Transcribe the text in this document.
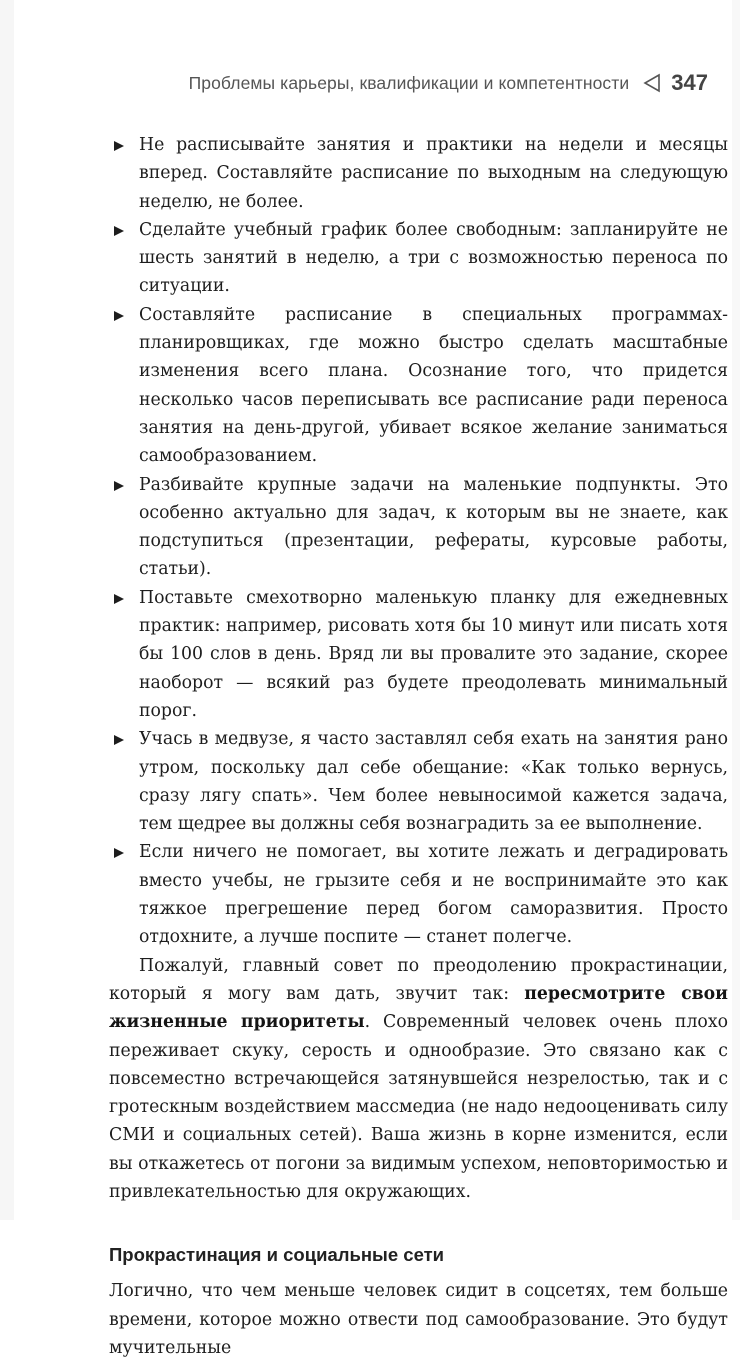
Проблемы карьеры, квалификации и компетентности 347
Не расписывайте занятия и практики на недели и месяцы вперед. Составляйте расписание по выходным на следующую неделю, не более.
Сделайте учебный график более свободным: запланируйте не шесть занятий в неделю, а три с возможностью переноса по ситуации.
Составляйте расписание в специальных программах-планировщиках, где можно быстро сделать масштабные изменения всего плана. Осознание того, что придется несколько часов переписывать все расписание ради переноса занятия на день-другой, убивает всякое желание заниматься самообразованием.
Разбивайте крупные задачи на маленькие подпункты. Это особенно актуально для задач, к которым вы не знаете, как подступиться (презентации, рефераты, курсовые работы, статьи).
Поставьте смехотворно маленькую планку для ежедневных практик: например, рисовать хотя бы 10 минут или писать хотя бы 100 слов в день. Вряд ли вы провалите это задание, скорее наоборот — всякий раз будете преодолевать минимальный порог.
Учась в медвузе, я часто заставлял себя ехать на занятия рано утром, поскольку дал себе обещание: «Как только вернусь, сразу лягу спать». Чем более невыносимой кажется задача, тем щедрее вы должны себя вознаградить за ее выполнение.
Если ничего не помогает, вы хотите лежать и деградировать вместо учебы, не грызите себя и не воспринимайте это как тяжкое прегрешение перед богом саморазвития. Просто отдохните, а лучше поспите — станет полегче.

Пожалуй, главный совет по преодолению прокрастинации, который я могу вам дать, звучит так: пересмотрите свои жизненные приоритеты. Современный человек очень плохо переживает скуку, серость и однообразие. Это связано как с повсеместно встречающейся затянувшейся незрелостью, так и с гротескным воздействием массмедиа (не надо недооценивать силу СМИ и социальных сетей). Ваша жизнь в корне изменится, если вы откажетесь от погони за видимым успехом, неповторимостью и привлекательностью для окружающих.

Прокрастинация и социальные сети

Логично, что чем меньше человек сидит в соцсетях, тем больше времени, которое можно отвести под самообразование. Это будут мучительные
